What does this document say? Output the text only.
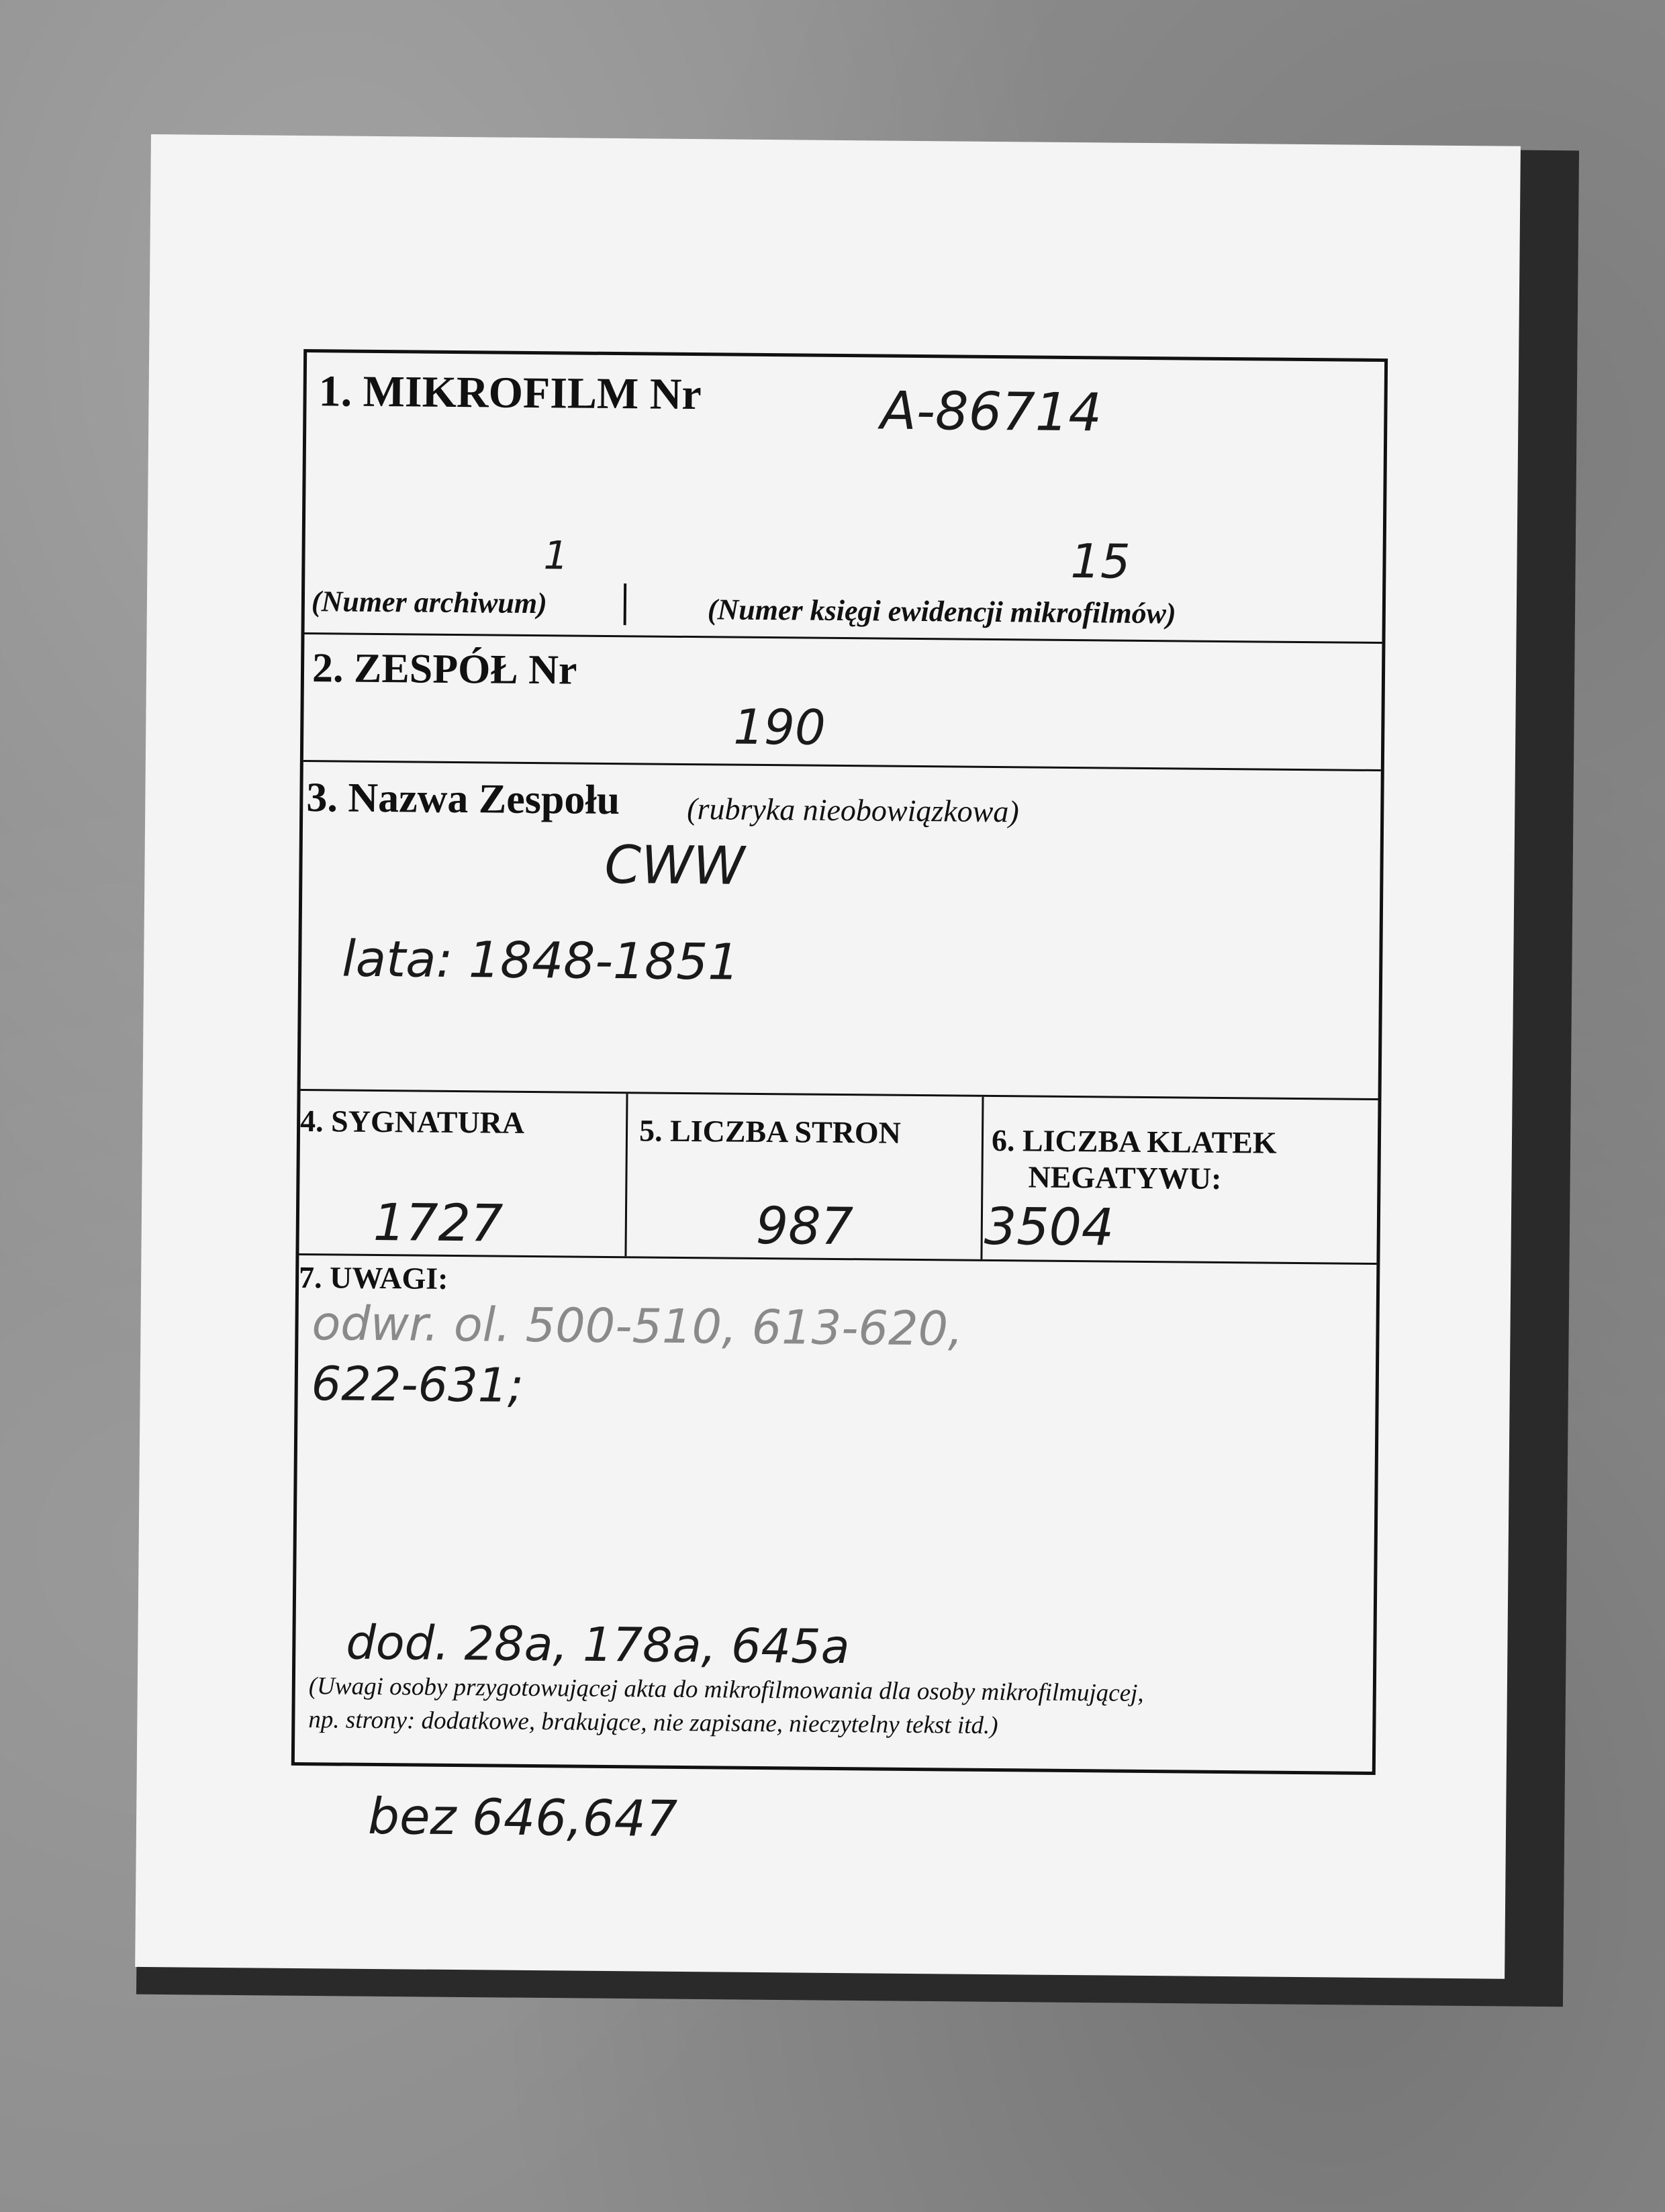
1. MIKROFILM Nr	A-86714
1
(Numer archiwum)
15
(Numer księgi ewidencji mikrofilmów)
2. ZESPÓŁ Nr
190
3. Nazwa Zespołu (rubryka nieobowiązkowa)
CWW
lata: 1848-1851
4. SYGNATURA
1727
5. LICZBA STRON
987
6. LICZBA KLATEK
NEGATYWU:
3504
7. UWAGI:
odwr. ol. 500-510, 613-620,
622-631;
dod. 28a, 178a, 645a
(Uwagi osoby przygotowującej akta do mikrofilmowania dla osoby mikrofilmującej,
np. strony: dodatkowe, brakujące, nie zapisane, nieczytelny tekst itd.)
bez 646,647
